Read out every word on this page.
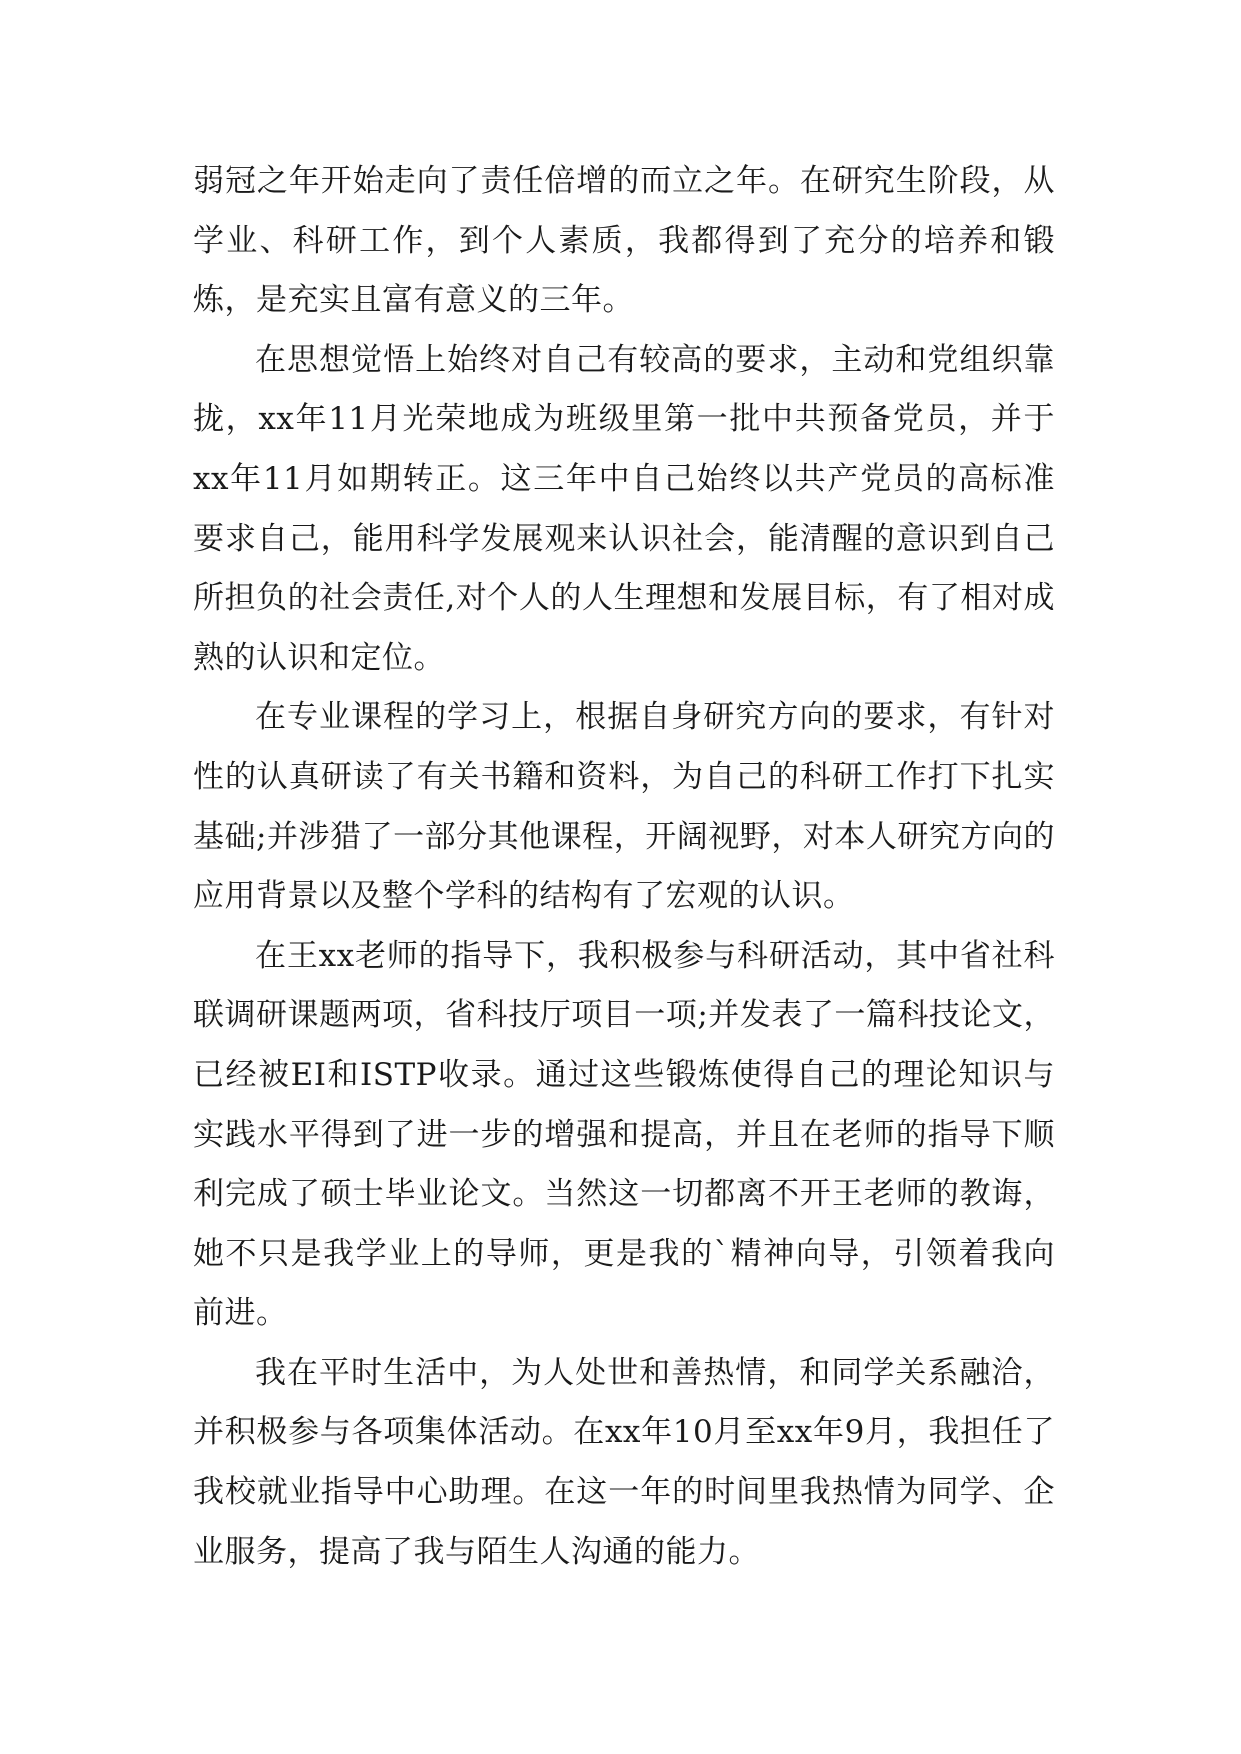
弱冠之年开始走向了责任倍增的而立之年。在研究生阶段，从学业、科研工作，到个人素质，我都得到了充分的培养和锻炼，是充实且富有意义的三年。

在思想觉悟上始终对自己有较高的要求，主动和党组织靠拢，xx年11月光荣地成为班级里第一批中共预备党员，并于xx年11月如期转正。这三年中自己始终以共产党员的高标准要求自己，能用科学发展观来认识社会，能清醒的意识到自己所担负的社会责任,对个人的人生理想和发展目标，有了相对成熟的认识和定位。

在专业课程的学习上，根据自身研究方向的要求，有针对性的认真研读了有关书籍和资料，为自己的科研工作打下扎实基础;并涉猎了一部分其他课程，开阔视野，对本人研究方向的应用背景以及整个学科的结构有了宏观的认识。

在王xx老师的指导下，我积极参与科研活动，其中省社科联调研课题两项，省科技厅项目一项;并发表了一篇科技论文，已经被EI和ISTP收录。通过这些锻炼使得自己的理论知识与实践水平得到了进一步的增强和提高，并且在老师的指导下顺利完成了硕士毕业论文。当然这一切都离不开王老师的教诲，她不只是我学业上的导师，更是我的`精神向导，引领着我向前进。

我在平时生活中，为人处世和善热情，和同学关系融洽，并积极参与各项集体活动。在xx年10月至xx年9月，我担任了我校就业指导中心助理。在这一年的时间里我热情为同学、企业服务，提高了我与陌生人沟通的能力。
